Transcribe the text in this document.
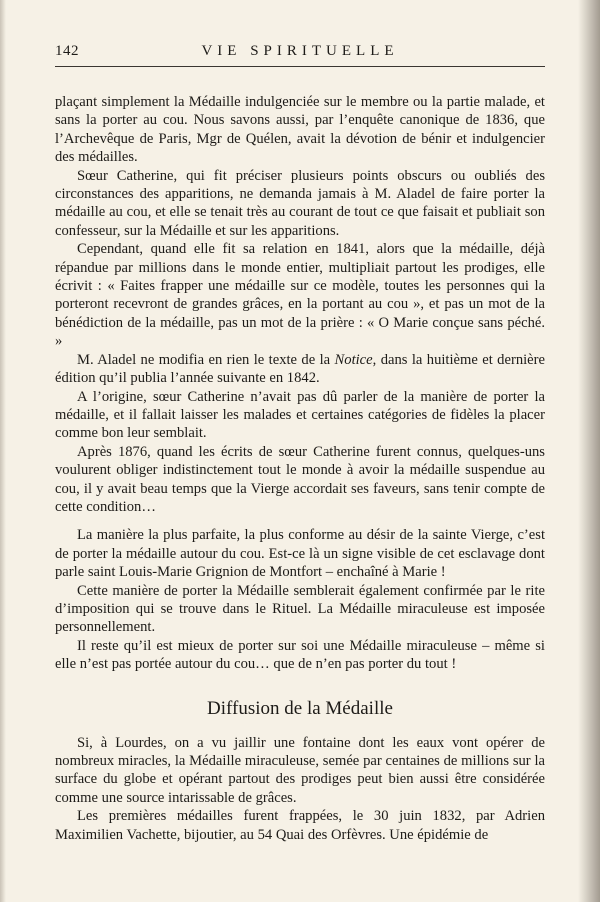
142	VIE SPIRITUELLE

plaçant simplement la Médaille indulgenciée sur le membre ou la partie malade, et sans la porter au cou. Nous savons aussi, par l’enquête canonique de 1836, que l’Archevêque de Paris, Mgr de Quélen, avait la dévotion de bénir et indulgencier des médailles.

Sœur Catherine, qui fit préciser plusieurs points obscurs ou oubliés des circonstances des apparitions, ne demanda jamais à M. Aladel de faire porter la médaille au cou, et elle se tenait très au courant de tout ce que faisait et publiait son confesseur, sur la Médaille et sur les apparitions.

Cependant, quand elle fit sa relation en 1841, alors que la médaille, déjà répandue par millions dans le monde entier, multipliait partout les prodiges, elle écrivit : « Faites frapper une médaille sur ce modèle, toutes les personnes qui la porteront recevront de grandes grâces, en la portant au cou », et pas un mot de la bénédiction de la médaille, pas un mot de la prière : « O Marie conçue sans péché. »

M. Aladel ne modifia en rien le texte de la Notice, dans la huitième et dernière édition qu’il publia l’année suivante en 1842.

A l’origine, sœur Catherine n’avait pas dû parler de la manière de porter la médaille, et il fallait laisser les malades et certaines catégories de fidèles la placer comme bon leur semblait.

Après 1876, quand les écrits de sœur Catherine furent connus, quelques-uns voulurent obliger indistinctement tout le monde à avoir la médaille suspendue au cou, il y avait beau temps que la Vierge accordait ses faveurs, sans tenir compte de cette condition…

La manière la plus parfaite, la plus conforme au désir de la sainte Vierge, c’est de porter la médaille autour du cou. Est-ce là un signe visible de cet esclavage dont parle saint Louis-Marie Grignion de Montfort – enchaîné à Marie !

Cette manière de porter la Médaille semblerait également confirmée par le rite d’imposition qui se trouve dans le Rituel. La Médaille miraculeuse est imposée personnellement.

Il reste qu’il est mieux de porter sur soi une Médaille miraculeuse – même si elle n’est pas portée autour du cou… que de n’en pas porter du tout !

Diffusion de la Médaille

Si, à Lourdes, on a vu jaillir une fontaine dont les eaux vont opérer de nombreux miracles, la Médaille miraculeuse, semée par centaines de millions sur la surface du globe et opérant partout des prodiges peut bien aussi être considérée comme une source intarissable de grâces.

Les premières médailles furent frappées, le 30 juin 1832, par Adrien Maximilien Vachette, bijoutier, au 54 Quai des Orfèvres. Une épidémie de
